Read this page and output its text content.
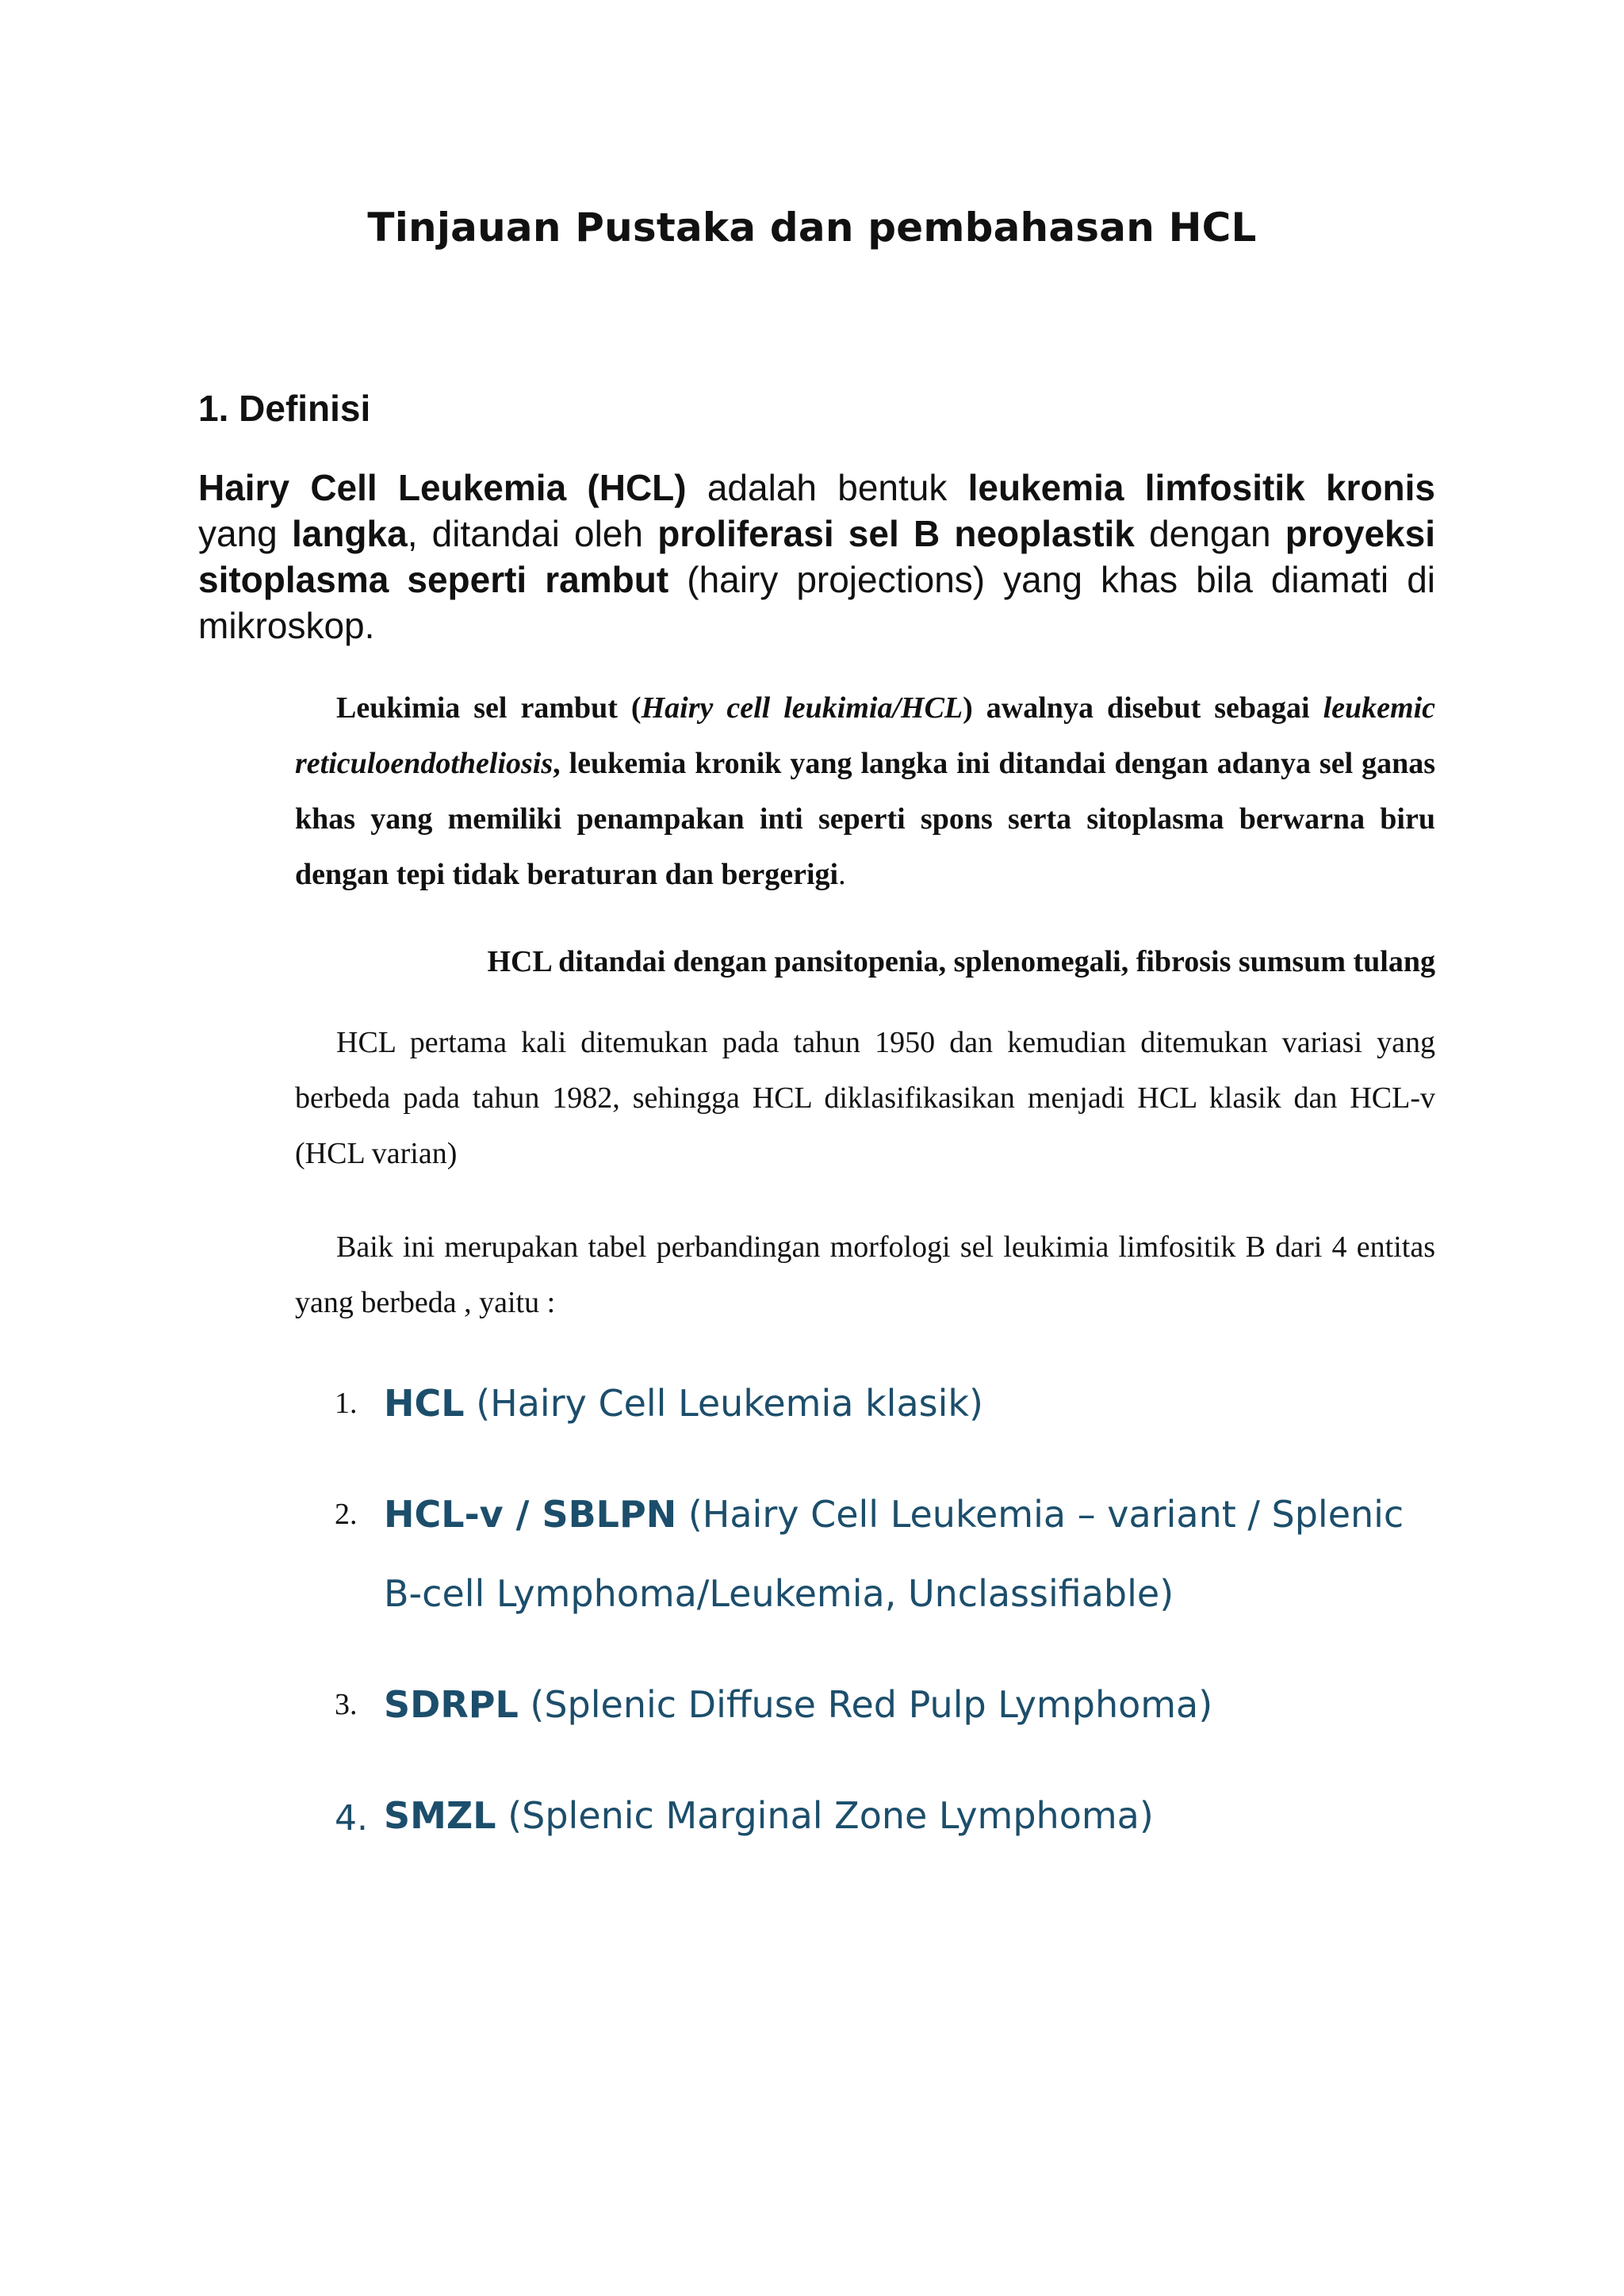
Tinjauan Pustaka dan pembahasan HCL
1. Definisi
Hairy Cell Leukemia (HCL) adalah bentuk leukemia limfositik kronis yang langka, ditandai oleh proliferasi sel B neoplastik dengan proyeksi sitoplasma seperti rambut (hairy projections) yang khas bila diamati di mikroskop.
Leukimia sel rambut (Hairy cell leukimia/HCL) awalnya disebut sebagai leukemic reticuloendotheliosis, leukemia kronik yang langka ini ditandai dengan adanya sel ganas khas yang memiliki penampakan inti seperti spons serta sitoplasma berwarna biru dengan tepi tidak beraturan dan bergerigi.
HCL ditandai dengan pansitopenia, splenomegali, fibrosis sumsum tulang
HCL pertama kali ditemukan pada tahun 1950 dan kemudian ditemukan variasi yang berbeda pada tahun 1982, sehingga HCL diklasifikasikan menjadi HCL klasik dan HCL-v (HCL varian)
Baik ini merupakan tabel perbandingan morfologi sel leukimia limfositik B dari 4 entitas yang berbeda , yaitu :
1. HCL (Hairy Cell Leukemia klasik)
2. HCL-v / SBLPN (Hairy Cell Leukemia – variant / Splenic B-cell Lymphoma/Leukemia, Unclassifiable)
3. SDRPL (Splenic Diffuse Red Pulp Lymphoma)
4. SMZL (Splenic Marginal Zone Lymphoma)
